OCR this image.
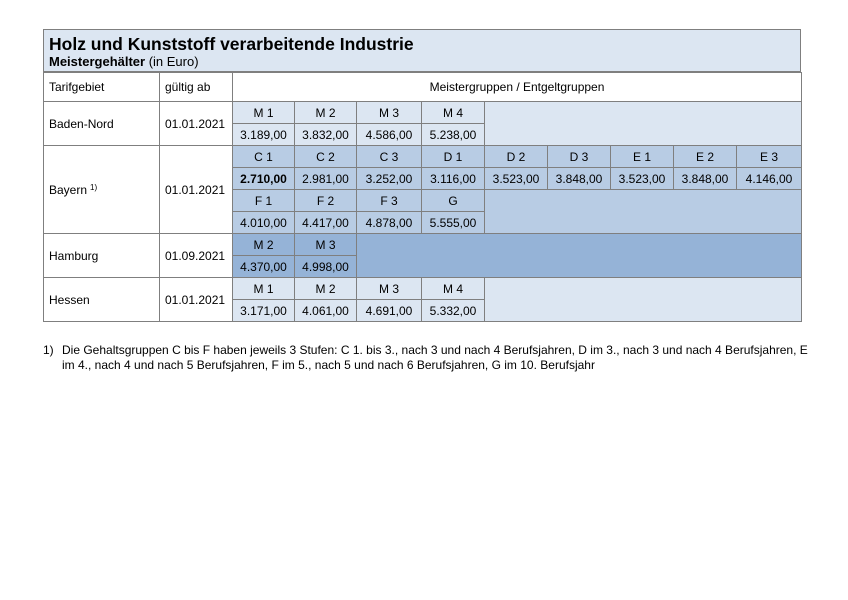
Holz und Kunststoff verarbeitende Industrie
Meistergehälter (in Euro)
Tarifgebiet	gültig ab	Meistergruppen / Entgeltgruppen								
Baden-Nord	01.01.2021	M 1	M 2	M 3	M 4					
		3.189,00	3.832,00	4.586,00	5.238,00					
Bayern $^{1)}$	01.01.2021	C 1	C 2	C 3	D 1	D 2	D 3	E 1	E 2	E 3
		2.710,00	2.981,00	3.252,00	3.116,00	3.523,00	3.848,00	3.523,00	3.848,00	4.146,00
		F 1	F 2	F 3	G					
		4.010,00	4.417,00	4.878,00	5.555,00					
Hamburg	01.09.2021	M 2	M 3							
		4.370,00	4.998,00							
Hessen	01.01.2021	M 1	M 2	M 3	M 4					
		3.171,00	4.061,00	4.691,00	5.332,00					
1) Die Gehaltsgruppen C bis F haben jeweils 3 Stufen: C 1. bis 3., nach 3 und nach 4 Berufsjahren, D im 3., nach 3 und nach 4 Berufsjahren, E im 4., nach 4 und nach 5 Berufsjahren, F im 5., nach 5 und nach 6 Berufsjahren, G im 10. Berufsjahr
